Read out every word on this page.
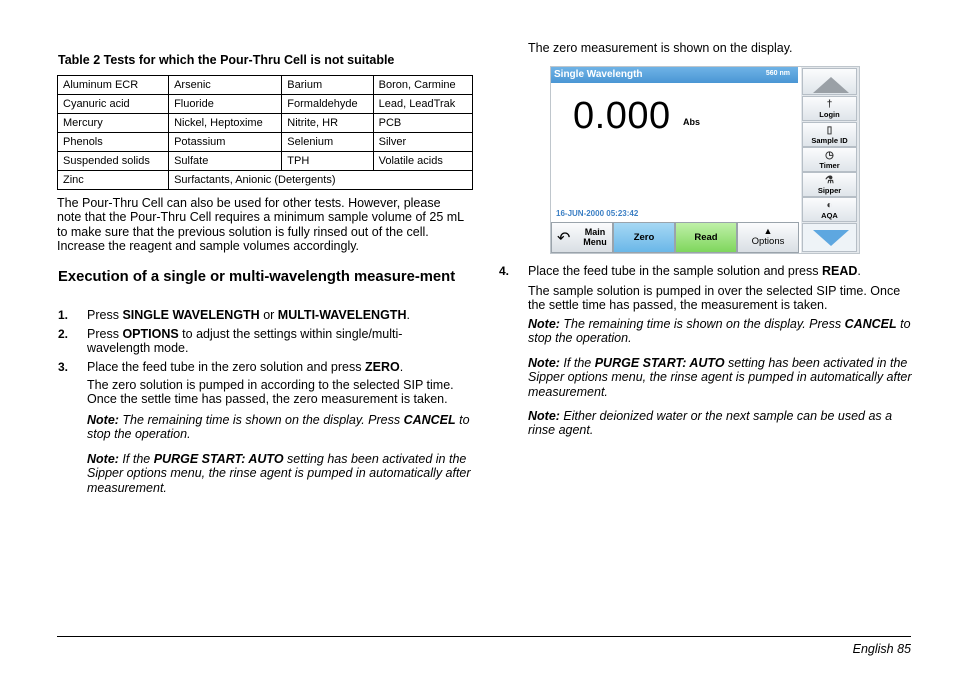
Table 2 Tests for which the Pour-Thru Cell is not suitable
Aluminum ECR	Arsenic	Barium	Boron, Carmine
Cyanuric acid	Fluoride	Formaldehyde	Lead, LeadTrak
Mercury	Nickel, Heptoxime	Nitrite, HR	PCB
Phenols	Potassium	Selenium	Silver
Suspended solids	Sulfate	TPH	Volatile acids
Zinc	Surfactants, Anionic (Detergents)		
The Pour-Thru Cell can also be used for other tests. However, please note that the Pour-Thru Cell requires a minimum sample volume of 25 mL to make sure that the previous solution is fully rinsed out of the cell. Increase the reagent and sample volumes accordingly.
Execution of a single or multi-wavelength measure-ment
1. Press SINGLE WAVELENGTH or MULTI-WAVELENGTH.
2. Press OPTIONS to adjust the settings within single/multi-wavelength mode.
3. Place the feed tube in the zero solution and press ZERO.
The zero solution is pumped in according to the selected SIP time. Once the settle time has passed, the zero measurement is taken.
Note: The remaining time is shown on the display. Press CANCEL to stop the operation.
Note: If the PURGE START: AUTO setting has been activated in the Sipper options menu, the rinse agent is pumped in automatically after measurement.
The zero measurement is shown on the display.
Single Wavelength	560 nm
0.000 Abs
16-JUN-2000 05:23:42
†
Login
▯
Sample ID
◷
Timer
⚗
Sipper
◐
AQA
↶	Main Menu	Zero	Read
▲
Options
4. Place the feed tube in the sample solution and press READ.
The sample solution is pumped in over the selected SIP time. Once the settle time has passed, the measurement is taken.
Note: The remaining time is shown on the display. Press CANCEL to stop the operation.
Note: If the PURGE START: AUTO setting has been activated in the Sipper options menu, the rinse agent is pumped in automatically after measurement.
Note: Either deionized water or the next sample can be used as a rinse agent.
English 85
